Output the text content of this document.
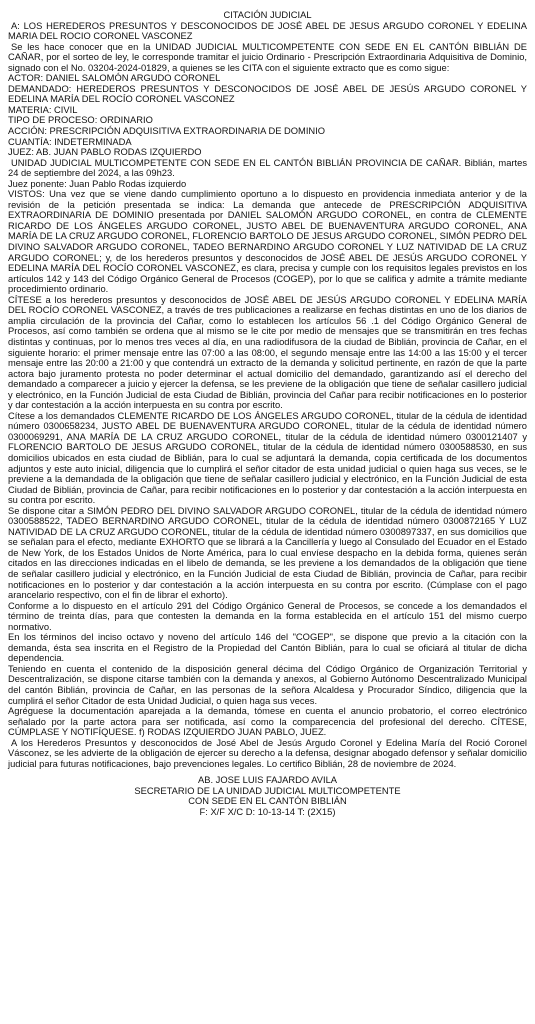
CITACIÓN JUDICIAL

A: LOS HEREDEROS PRESUNTOS Y DESCONOCIDOS DE JOSÉ ABEL DE JESUS ARGUDO CORONEL Y EDELINA MARIA DEL ROCIO CORONEL VASCONEZ

Se les hace conocer que en la UNIDAD JUDICIAL MULTICOMPETENTE CON SEDE EN EL CANTÓN BIBLIÁN DE CAÑAR, por el sorteo de ley, le corresponde tramitar el juicio Ordinario - Prescripción Extraordinaria Adquisitiva de Dominio, signado con el No. 03204-2024-01829, a quienes se les CITA con el siguiente extracto que es como sigue:

ACTOR: DANIEL SALOMÓN ARGUDO CORONEL

DEMANDADO: HEREDEROS PRESUNTOS Y DESCONOCIDOS DE JOSÉ ABEL DE JESÚS ARGUDO CORONEL Y EDELINA MARÍA DEL ROCÍO CORONEL VASCONEZ

MATERIA: CIVIL

TIPO DE PROCESO: ORDINARIO

ACCIÓN: PRESCRIPCIÓN ADQUISITIVA EXTRAORDINARIA DE DOMINIO

CUANTÍA: INDETERMINADA

JUEZ: AB. JUAN PABLO RODAS IZQUIERDO

UNIDAD JUDICIAL MULTICOMPETENTE CON SEDE EN EL CANTÓN BIBLIÁN PROVINCIA DE CAÑAR. Biblián, martes 24 de septiembre del 2024, a las 09h23.

Juez ponente: Juan Pablo Rodas izquierdo

VISTOS: Una vez que se viene dando cumplimiento oportuno a lo dispuesto en providencia inmediata anterior y de la revisión de la petición presentada se indica: La demanda que antecede de PRESCRIPCIÓN ADQUISITIVA EXTRAORDINARIA DE DOMINIO presentada por DANIEL SALOMÓN ARGUDO CORONEL, en contra de CLEMENTE RICARDO DE LOS ÁNGELES ARGUDO CORONEL, JUSTO ABEL DE BUENAVENTURA ARGUDO CORONEL, ANA MARÍA DE LA CRUZ ARGUDO CORONEL, FLORENCIO BARTOLO DE JESUS ARGUDO CORONEL, SIMÓN PEDRO DEL DIVINO SALVADOR ARGUDO CORONEL, TADEO BERNARDINO ARGUDO CORONEL Y LUZ NATIVIDAD DE LA CRUZ ARGUDO CORONEL; y, de los herederos presuntos y desconocidos de JOSÉ ABEL DE JESÚS ARGUDO CORONEL Y EDELINA MARÍA DEL ROCÍO CORONEL VASCONEZ, es clara, precisa y cumple con los requisitos legales previstos en los artículos 142 y 143 del Código Orgánico General de Procesos (COGEP), por lo que se califica y admite a trámite mediante procedimiento ordinario.

CÍTESE a los herederos presuntos y desconocidos de JOSÉ ABEL DE JESÚS ARGUDO CORONEL Y EDELINA MARÍA DEL ROCÍO CORONEL VASCONEZ, a través de tres publicaciones a realizarse en fechas distintas en uno de los diarios de amplia circulación de la provincia del Cañar, como lo establecen los artículos 56 .1 del Código Orgánico General de Procesos, así como también se ordena que al mismo se le cite por medio de mensajes que se transmitirán en tres fechas distintas y continuas, por lo menos tres veces al día, en una radiodifusora de la ciudad de Biblián, provincia de Cañar, en el siguiente horario: el primer mensaje entre las 07:00 a las 08:00, el segundo mensaje entre las 14:00 a las 15:00 y el tercer mensaje entre las 20:00 a 21:00 y que contendrá un extracto de la demanda y solicitud pertinente, en razón de que la parte actora bajo juramento protesta no poder determinar el actual domicilio del demandado, garantizando así el derecho del demandado a comparecer a juicio y ejercer la defensa, se les previene de la obligación que tiene de señalar casillero judicial y electrónico, en la Función Judicial de esta Ciudad de Biblián, provincia del Cañar para recibir notificaciones en lo posterior y dar contestación a la acción interpuesta en su contra por escrito.

Cítese a los demandados CLEMENTE RICARDO DE LOS ÁNGELES ARGUDO CORONEL, titular de la cédula de identidad número 0300658234, JUSTO ABEL DE BUENAVENTURA ARGUDO CORONEL, titular de la cédula de identidad número 0300069291, ANA MARÍA DE LA CRUZ ARGUDO CORONEL, titular de la cédula de identidad número 0300121407 y FLORENCIO BARTOLO DE JESUS ARGUDO CORONEL, titular de la cédula de identidad número 0300588530, en sus domicilios ubicados en esta ciudad de Biblián, para lo cual se adjuntará la demanda, copia certificada de los documentos adjuntos y este auto inicial, diligencia que lo cumplirá el señor citador de esta unidad judicial o quien haga sus veces, se le previene a la demandada de la obligación que tiene de señalar casillero judicial y electrónico, en la Función Judicial de esta Ciudad de Biblián, provincia de Cañar, para recibir notificaciones en lo posterior y dar contestación a la acción interpuesta en su contra por escrito.

Se dispone citar a SIMÓN PEDRO DEL DIVINO SALVADOR ARGUDO CORONEL, titular de la cédula de identidad número 0300588522, TADEO BERNARDINO ARGUDO CORONEL, titular de la cédula de identidad número 0300872165 Y LUZ NATIVIDAD DE LA CRUZ ARGUDO CORONEL, titular de la cédula de identidad número 0300897337, en sus domicilios que se señalan para el efecto, mediante EXHORTO que se librará a la Cancillería y luego al Consulado del Ecuador en el Estado de New York, de los Estados Unidos de Norte América, para lo cual envíese despacho en la debida forma, quienes serán citados en las direcciones indicadas en el libelo de demanda, se les previene a los demandados de la obligación que tiene de señalar casillero judicial y electrónico, en la Función Judicial de esta Ciudad de Biblián, provincia de Cañar, para recibir notificaciones en lo posterior y dar contestación a la acción interpuesta en su contra por escrito. (Cúmplase con el pago arancelario respectivo, con el fin de librar el exhorto).

Conforme a lo dispuesto en el artículo 291 del Código Orgánico General de Procesos, se concede a los demandados el término de treinta días, para que contesten la demanda en la forma establecida en el artículo 151 del mismo cuerpo normativo.

En los términos del inciso octavo y noveno del artículo 146 del "COGEP", se dispone que previo a la citación con la demanda, ésta sea inscrita en el Registro de la Propiedad del Cantón Biblián, para lo cual se oficiará al titular de dicha dependencia.

Teniendo en cuenta el contenido de la disposición general décima del Código Orgánico de Organización Territorial y Descentralización, se dispone citarse también con la demanda y anexos, al Gobierno Autónomo Descentralizado Municipal del cantón Biblián, provincia de Cañar, en las personas de la señora Alcaldesa y Procurador Síndico, diligencia que la cumplirá el señor Citador de esta Unidad Judicial, o quien haga sus veces.

Agréguese la documentación aparejada a la demanda, tómese en cuenta el anuncio probatorio, el correo electrónico señalado por la parte actora para ser notificada, así como la comparecencia del profesional del derecho. CÍTESE, CÚMPLASE Y NOTIFÍQUESE. f) RODAS IZQUIERDO JUAN PABLO, JUEZ.

A los Herederos Presuntos y desconocidos de José Abel de Jesús Argudo Coronel y Edelina María del Roció Coronel Vásconez, se les advierte de la obligación de ejercer su derecho a la defensa, designar abogado defensor y señalar domicilio judicial para futuras notificaciones, bajo prevenciones legales. Lo certifico Biblián, 28 de noviembre de 2024.

AB. JOSE LUIS FAJARDO AVILA

SECRETARIO DE LA UNIDAD JUDICIAL MULTICOMPETENTE

CON SEDE EN EL CANTÓN BIBLIÁN

F: X/F X/C D: 10-13-14 T: (2X15)
